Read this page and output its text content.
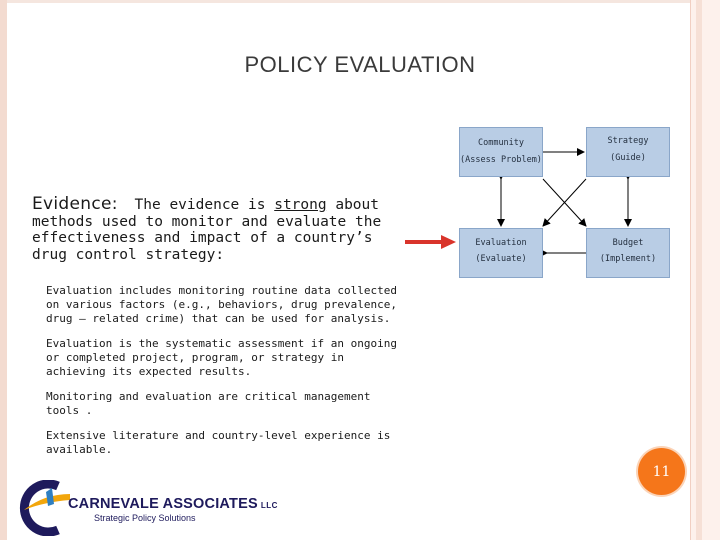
POLICY EVALUATION
Community
(Assess Problem)
Strategy
(Guide)
Evaluation
(Evaluate)
Budget
(Implement)
Evidence: The evidence is strong about methods used to monitor and evaluate the effectiveness and impact of a country’s drug control strategy:
Evaluation includes monitoring routine data collected on various factors (e.g., behaviors, drug prevalence, drug – related crime) that can be used for analysis.
Evaluation is the systematic assessment if an ongoing or completed project, program, or strategy in achieving its expected results.
Monitoring and evaluation are critical management tools .
Extensive literature and country-level experience is available.
11
CARNEVALE ASSOCIATES LLC
Strategic Policy Solutions
